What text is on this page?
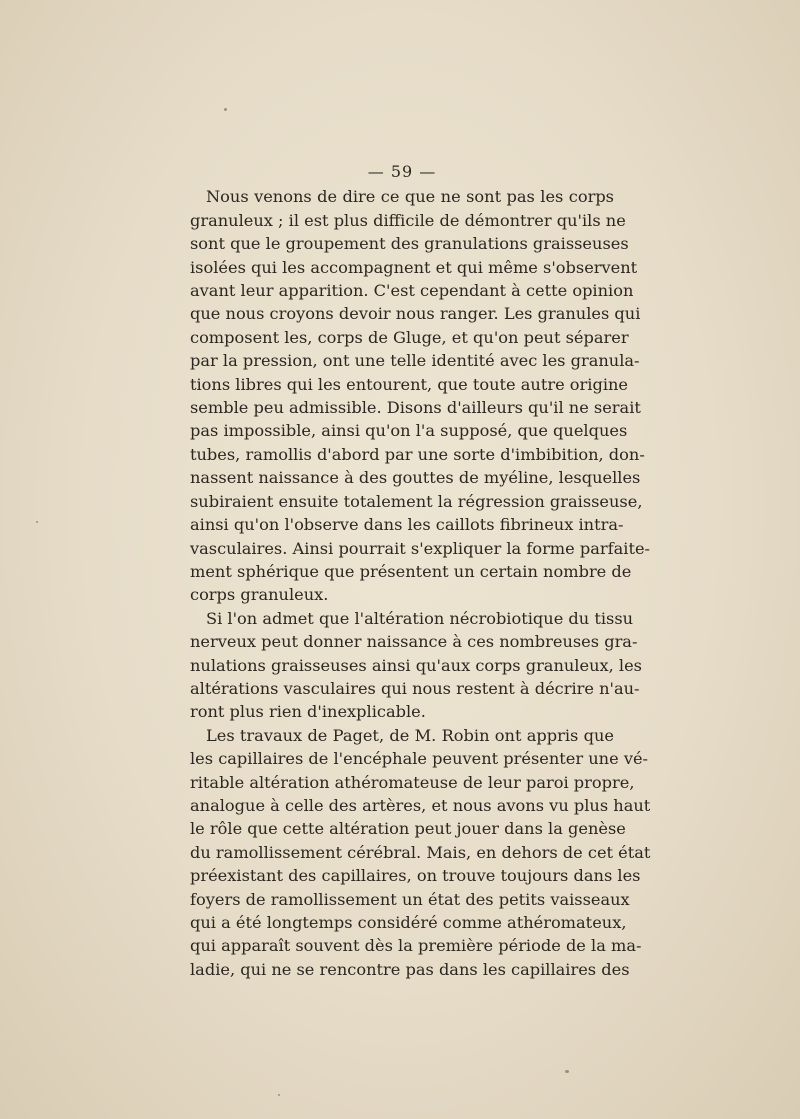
— 59 —
Nous venons de dire ce que ne sont pas les corps
granuleux ; il est plus difficile de démontrer qu'ils ne
sont que le groupement des granulations graisseuses
isolées qui les accompagnent et qui même s'observent
avant leur apparition. C'est cependant à cette opinion
que nous croyons devoir nous ranger. Les granules qui
composent les, corps de Gluge, et qu'on peut séparer
par la pression, ont une telle identité avec les granula-
tions libres qui les entourent, que toute autre origine
semble peu admissible. Disons d'ailleurs qu'il ne serait
pas impossible, ainsi qu'on l'a supposé, que quelques
tubes, ramollis d'abord par une sorte d'imbibition, don-
nassent naissance à des gouttes de myéline, lesquelles
subiraient ensuite totalement la régression graisseuse,
ainsi qu'on l'observe dans les caillots fibrineux intra-
vasculaires. Ainsi pourrait s'expliquer la forme parfaite-
ment sphérique que présentent un certain nombre de
corps granuleux.
Si l'on admet que l'altération nécrobiotique du tissu
nerveux peut donner naissance à ces nombreuses gra-
nulations graisseuses ainsi qu'aux corps granuleux, les
altérations vasculaires qui nous restent à décrire n'au-
ront plus rien d'inexplicable.
Les travaux de Paget, de M. Robin ont appris que
les capillaires de l'encéphale peuvent présenter une vé-
ritable altération athéromateuse de leur paroi propre,
analogue à celle des artères, et nous avons vu plus haut
le rôle que cette altération peut jouer dans la genèse
du ramollissement cérébral. Mais, en dehors de cet état
préexistant des capillaires, on trouve toujours dans les
foyers de ramollissement un état des petits vaisseaux
qui a été longtemps considéré comme athéromateux,
qui apparaît souvent dès la première période de la ma-
ladie, qui ne se rencontre pas dans les capillaires des
